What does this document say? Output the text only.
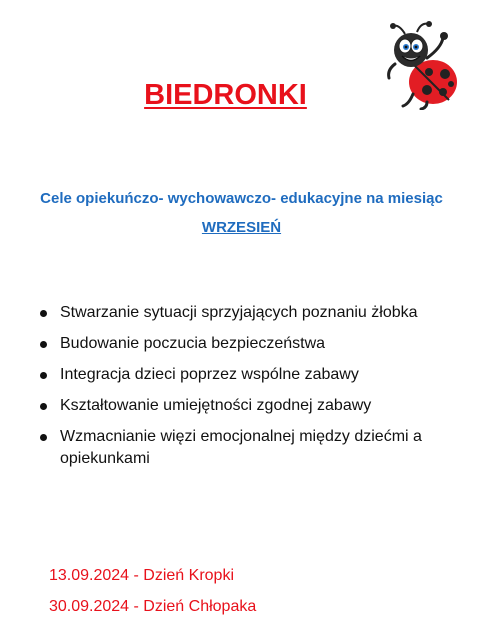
BIEDRONKI

Cele opiekuńczo- wychowawczo- edukacyjne na miesiąc

WRZESIEŃ

Stwarzanie sytuacji sprzyjających poznaniu żłobka
Budowanie poczucia bezpieczeństwa
Integracja dzieci poprzez wspólne zabawy
Kształtowanie umiejętności zgodnej zabawy
Wzmacnianie więzi emocjonalnej między dziećmi a opiekunkami
13.09.2024 - Dzień Kropki
30.09.2024 - Dzień Chłopaka
